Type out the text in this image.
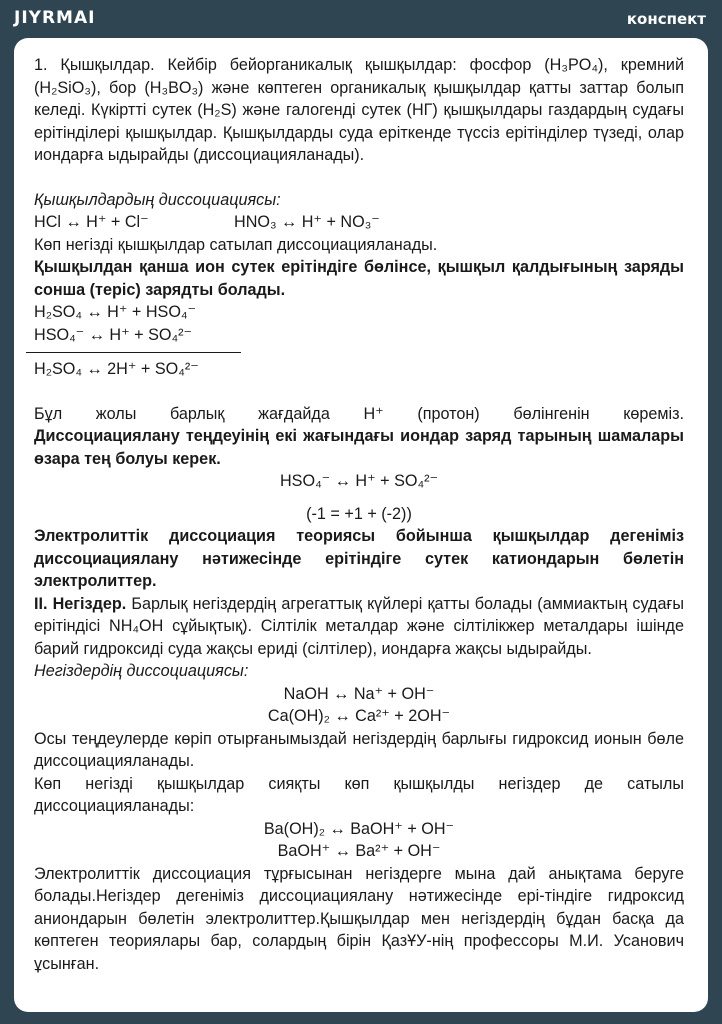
JIYRMAI	конспект

1. Қышқылдар. Кейбір бейорганикалық қышқылдар: фосфор (H₃PO₄), кремний (H₂SiO₃), бор (H₃BO₃) және көптеген органикалық қышқылдар қатты заттар болып келеді. Күкіртті сутек (H₂S) және галогенді сутек (HГ) қышқылдары газдардың судағы ерітінділері қышқылдар. Қышқылдарды суда ерiткенде түссiз ерітінділер түзеді, олар иондарға ыдырайды (диссоциацияланады).

Қышқылдардың диссоциациясы:

HCl ↔ H⁺ + Cl⁻	HNO₃ ↔ H⁺ + NO₃⁻

Көп негізді қышқылдар сатылап диссоциацияланады.

Қышқылдан қанша ион сутек ерітіндіге бөлінсе, қышқыл қалдығының заряды сонша (теріс) зарядты болады.

H₂SO₄ ↔ H⁺ + HSO₄⁻

HSO₄⁻ ↔ H⁺ + SO₄²⁻

H₂SO₄ ↔ 2H⁺ + SO₄²⁻

Бұл жолы барлық жағдайда H⁺ (протон) бөлінгенін көреміз.

Диссоциациялану теңдеуінің екі жағындағы иондар заряд тарының шамалары өзара тең болуы керек.

HSO₄⁻ ↔ H⁺ + SO₄²⁻

(-1 = +1 + (-2))

Электролиттік диссоциация теориясы бойынша қышқылдар дегеніміз диссоциациялану нәтижесінде ерітіндіге сутек катиондарын бөлетін электролиттер.

II. Негiздер. Барлық негіздердің агрегаттық күйлері қатты болады (аммиактың судағы ерітіндісі NH₄OH сұйықтық). Сілтілік металдар және сілтілікжер металдары ішінде барий гидроксиді суда жақсы ериді (сілтілер), иондарға жақсы ыдырайды.

Негіздердің диссоциациясы:

NaOH ↔ Na⁺ + OH⁻

Ca(OH)₂ ↔ Ca²⁺ + 2OH⁻

Осы теңдеулерде көріп отырғанымыздай негіздердің барлығы гидроксид ионын бөле диссоциацияланады.

Көп негізді қышқылдар сияқты көп қышқылды негіздер де сатылы диссоциацияланады:

Ba(OH)₂ ↔ BaOH⁺ + OH⁻

BaOH⁺ ↔ Ba²⁺ + OH⁻

Электролиттік диссоциация тұрғысынан негіздерге мына дай анықтама беруге болады.Негіздер дегеніміз диссоциациялану нәтижесінде ері-тіндіге гидроксид аниондарын бөлетін электролиттер.Қышқылдар мен негіздердің бұдан басқа да көптеген теориялары бар, солардың бірін ҚазҰУ-нің профессоры М.И. Усанович ұсынған.
